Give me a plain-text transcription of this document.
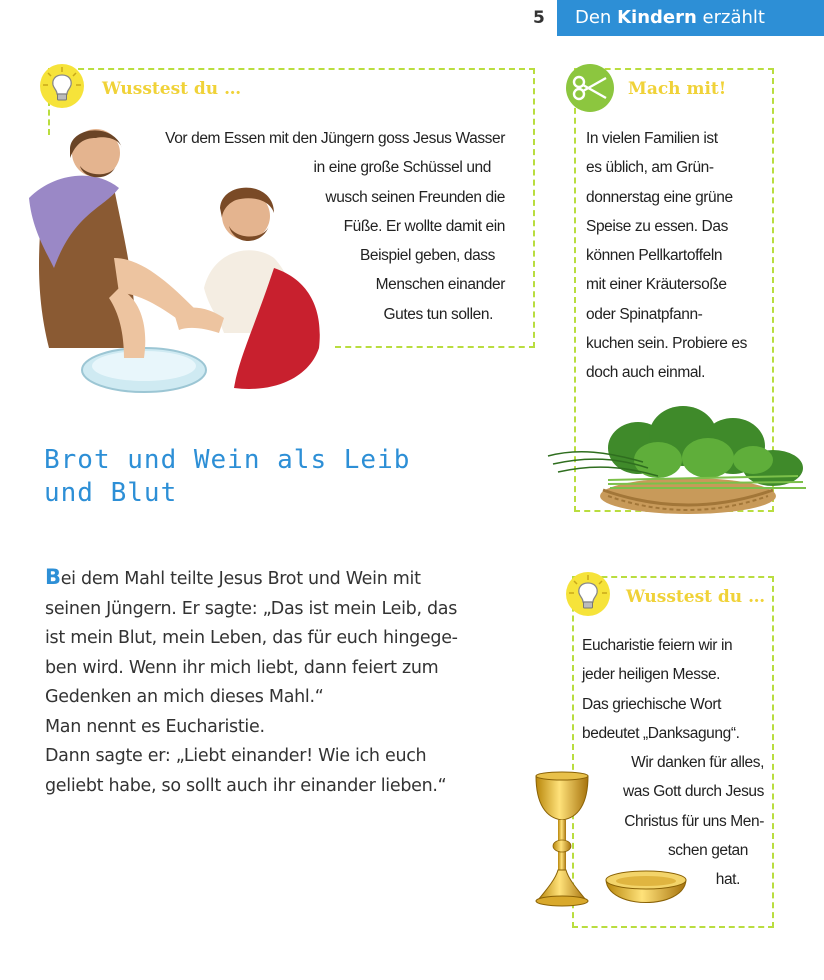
5	Den Kindern erzählt
Wusstest du …
Vor dem Essen mit den Jüngern goss Jesus Wasser
in eine große Schüssel und
wusch seinen Freunden die
Füße. Er wollte damit ein
Beispiel geben, dass
Menschen einander
Gutes tun sollen.
Mach mit!
In vielen Familien ist
es üblich, am Grün-
donnerstag eine grüne
Speise zu essen. Das
können Pellkartoffeln
mit einer Kräutersoße
oder Spinatpfann-
kuchen sein. Probiere es
doch auch einmal.
Brot und Wein als Leib
und Blut

Bei dem Mahl teilte Jesus Brot und Wein mit

seinen Jüngern. Er sagte: „Das ist mein Leib, das

ist mein Blut, mein Leben, das für euch hingege-

ben wird. Wenn ihr mich liebt, dann feiert zum

Gedenken an mich dieses Mahl.“

Man nennt es Eucharistie.

Dann sagte er: „Liebt einander! Wie ich euch

geliebt habe, so sollt auch ihr einander lieben.“

Wusstest du …
Eucharistie feiern wir in
jeder heiligen Messe.
Das griechische Wort
bedeutet „Danksagung“.
Wir danken für alles,
was Gott durch Jesus
Christus für uns Men-
schen getan
hat.
